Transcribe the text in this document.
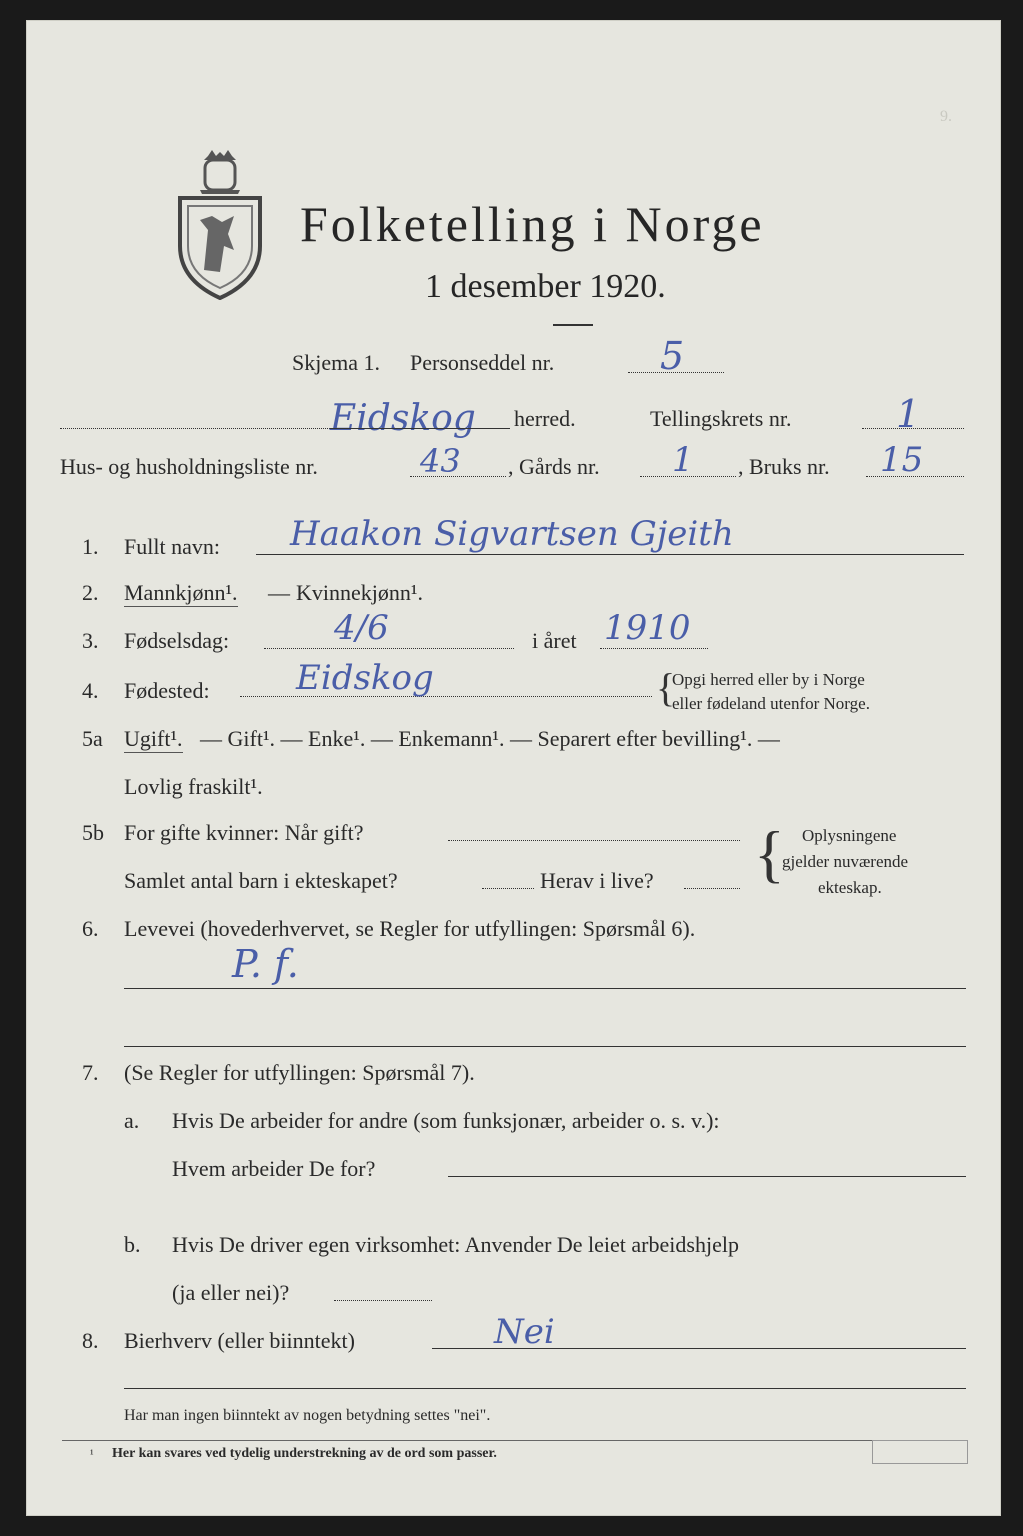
9.
Folketelling i Norge
1 desember 1920.
Skjema 1. Personseddel nr.	5
Eidskog herred.	Tellingskrets nr.	1
Hus- og husholdningsliste nr.	43 , Gårds nr. 1 , Bruks nr. 15
1. Fullt navn: Haakon Sigvartsen Gjeith
2. Mannkjønn¹. — Kvinnekjønn¹.
3. Fødselsdag:	4/6	i året 1910
4. Fødested:	Eidskog	{
Opgi herred eller by i Norge
eller fødeland utenfor Norge.
5a Ugift¹. — Gift¹. — Enke¹. — Enkemann¹. — Separert efter bevilling¹. —
Lovlig fraskilt¹.
5b For gifte kvinner: Når gift?
Samlet antal barn i ekteskapet?	Herav i live? { Oplysningene
gjelder nuværende
ekteskap.
6. Levevei (hovederhvervet, se Regler for utfyllingen: Spørsmål 6).
P. f.
7. (Se Regler for utfyllingen: Spørsmål 7).
a. Hvis De arbeider for andre (som funksjonær, arbeider o. s. v.):
Hvem arbeider De for?
b. Hvis De driver egen virksomhet: Anvender De leiet arbeidshjelp
(ja eller nei)?
8. Bierhverv (eller biinntekt)	Nei
Har man ingen biinntekt av nogen betydning settes "nei".
¹ Her kan svares ved tydelig understrekning av de ord som passer.
